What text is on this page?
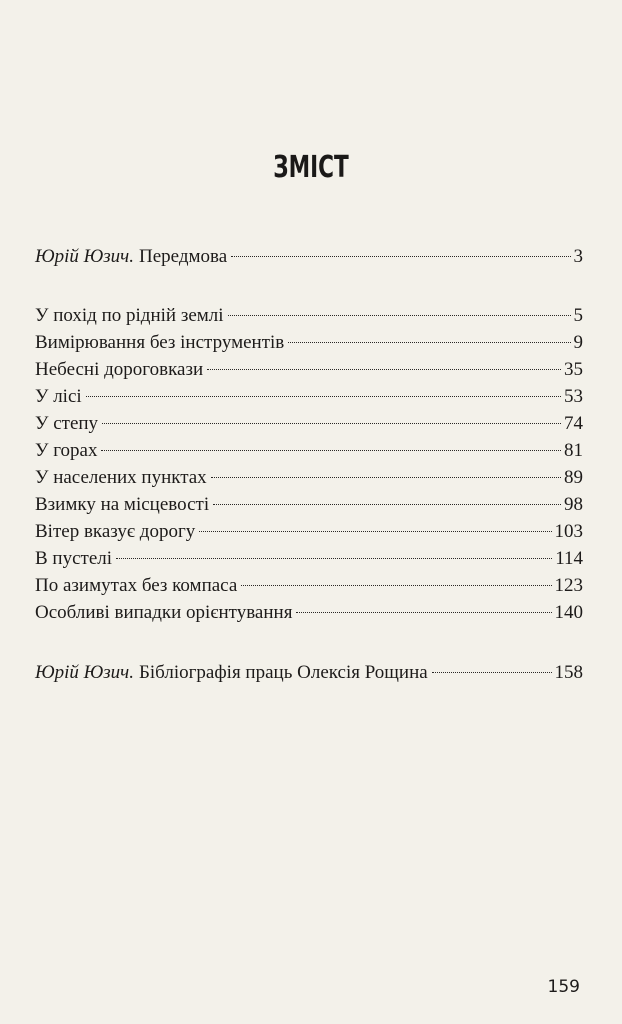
ЗМІСТ
Юрій Юзич. Передмова	3
У похід по рідній землі	5
Вимірювання без інструментів	9
Небесні дороговкази	35
У лісі	53
У степу	74
У горах	81
У населених пунктах	89
Взимку на місцевості	98
Вітер вказує дорогу	103
В пустелі	114
По азимутах без компаса	123
Особливі випадки орієнтування	140
Юрій Юзич. Бібліографія праць Олексія Рощина	158
159
